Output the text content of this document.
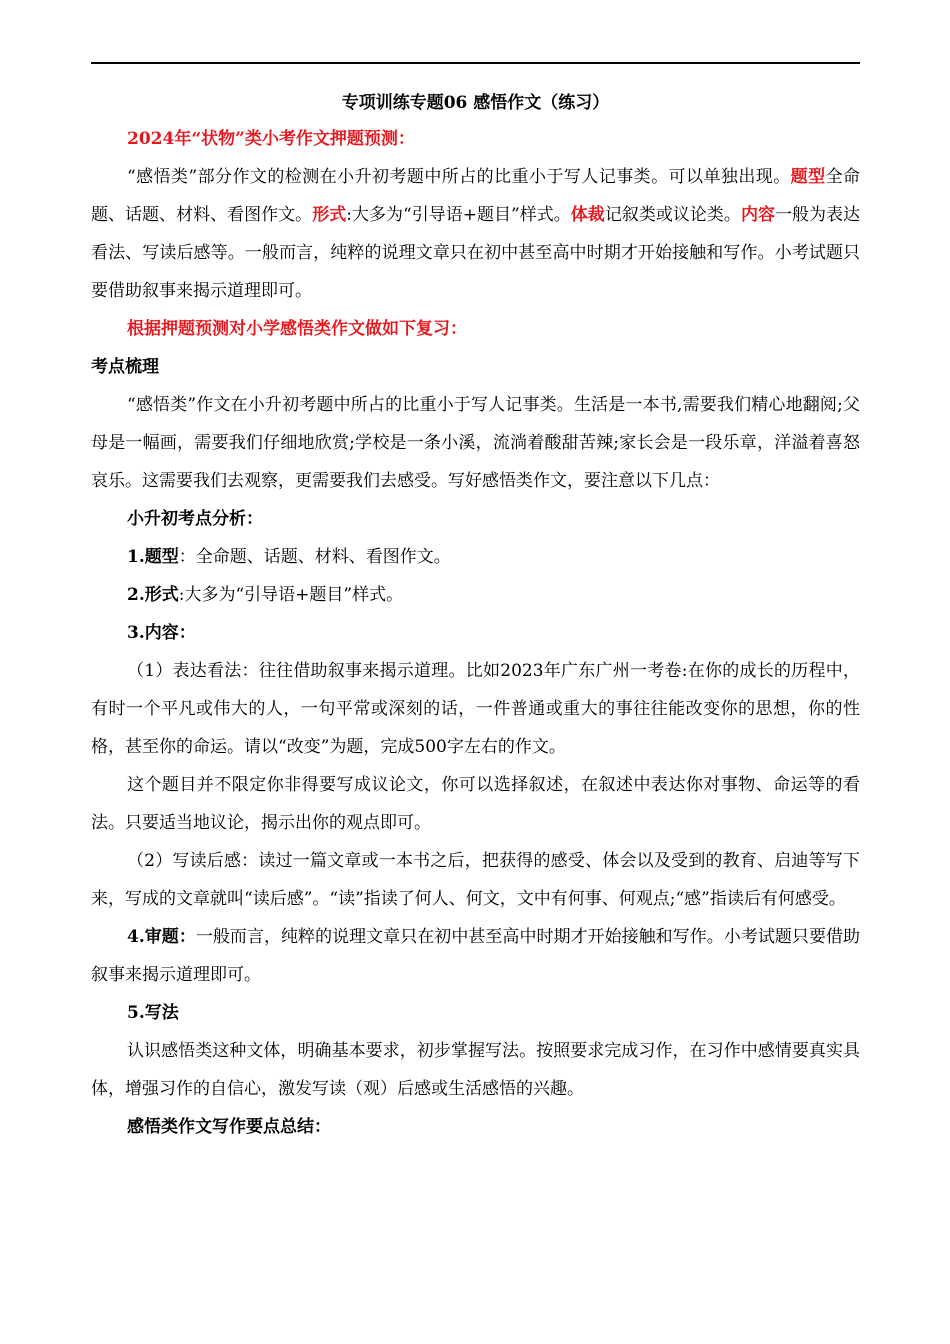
专项训练专题06 感悟作文（练习）

2024年“状物”类小考作文押题预测：

“感悟类”部分作文的检测在小升初考题中所占的比重小于写人记事类。可以单独出现。题型全命题、话题、材料、看图作文。形式:大多为“引导语+题目”样式。体裁记叙类或议论类。内容一般为表达看法、写读后感等。一般而言，纯粹的说理文章只在初中甚至高中时期才开始接触和写作。小考试题只要借助叙事来揭示道理即可。

根据押题预测对小学感悟类作文做如下复习：

考点梳理

“感悟类”作文在小升初考题中所占的比重小于写人记事类。生活是一本书,需要我们精心地翻阅;父母是一幅画，需要我们仔细地欣赏;学校是一条小溪，流淌着酸甜苦辣;家长会是一段乐章，洋溢着喜怒哀乐。这需要我们去观察，更需要我们去感受。写好感悟类作文，要注意以下几点：

小升初考点分析：

1.题型：全命题、话题、材料、看图作文。

2.形式:大多为“引导语+题目”样式。

3.内容：

（1）表达看法：往往借助叙事来揭示道理。比如2023年广东广州一考卷:在你的成长的历程中，有时一个平凡或伟大的人，一句平常或深刻的话，一件普通或重大的事往往能改变你的思想，你的性格，甚至你的命运。请以“改变”为题，完成500字左右的作文。

这个题目并不限定你非得要写成议论文，你可以选择叙述，在叙述中表达你对事物、命运等的看法。只要适当地议论，揭示出你的观点即可。

（2）写读后感：读过一篇文章或一本书之后，把获得的感受、体会以及受到的教育、启迪等写下来，写成的文章就叫“读后感”。“读”指读了何人、何文，文中有何事、何观点;“感”指读后有何感受。

4.审题：一般而言，纯粹的说理文章只在初中甚至高中时期才开始接触和写作。小考试题只要借助叙事来揭示道理即可。

5.写法

认识感悟类这种文体，明确基本要求，初步掌握写法。按照要求完成习作，在习作中感情要真实具体，增强习作的自信心，激发写读（观）后感或生活感悟的兴趣。

感悟类作文写作要点总结：
